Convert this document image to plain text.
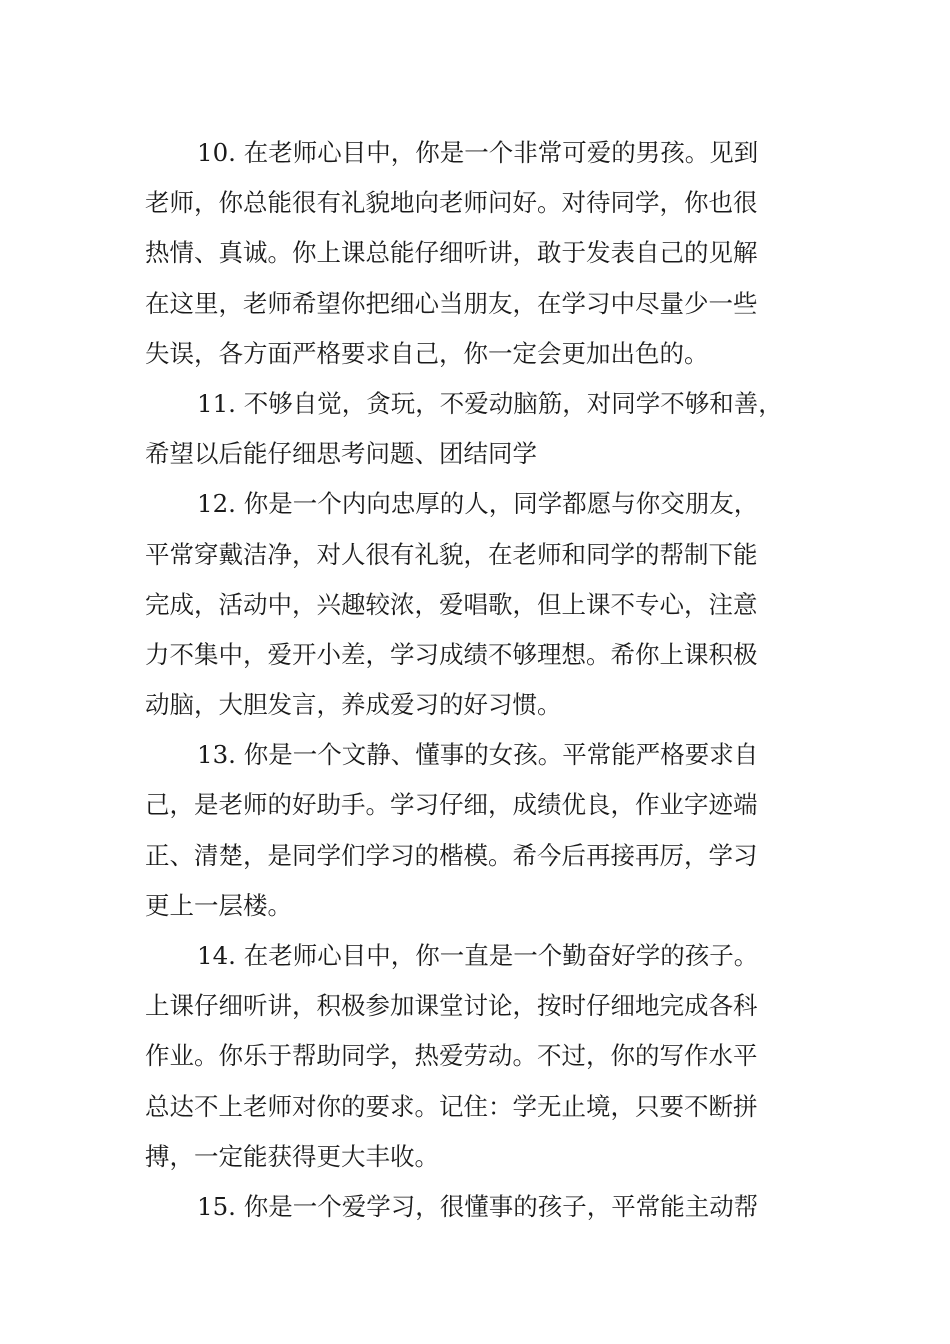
10. 在老师心目中，你是一个非常可爱的男孩。见到
老师，你总能很有礼貌地向老师问好。对待同学，你也很
热情、真诚。你上课总能仔细听讲，敢于发表自己的见解
在这里，老师希望你把细心当朋友，在学习中尽量少一些
失误，各方面严格要求自己，你一定会更加出色的。
11. 不够自觉，贪玩，不爱动脑筋，对同学不够和善，
希望以后能仔细思考问题、团结同学
12. 你是一个内向忠厚的人，同学都愿与你交朋友，
平常穿戴洁净，对人很有礼貌，在老师和同学的帮制下能
完成，活动中，兴趣较浓，爱唱歌，但上课不专心，注意
力不集中，爱开小差，学习成绩不够理想。希你上课积极
动脑，大胆发言，养成爱习的好习惯。
13. 你是一个文静、懂事的女孩。平常能严格要求自
己，是老师的好助手。学习仔细，成绩优良，作业字迹端
正、清楚，是同学们学习的楷模。希今后再接再厉，学习
更上一层楼。
14. 在老师心目中，你一直是一个勤奋好学的孩子。
上课仔细听讲，积极参加课堂讨论，按时仔细地完成各科
作业。你乐于帮助同学，热爱劳动。不过，你的写作水平
总达不上老师对你的要求。记住：学无止境，只要不断拼
搏，一定能获得更大丰收。
15. 你是一个爱学习，很懂事的孩子，平常能主动帮
